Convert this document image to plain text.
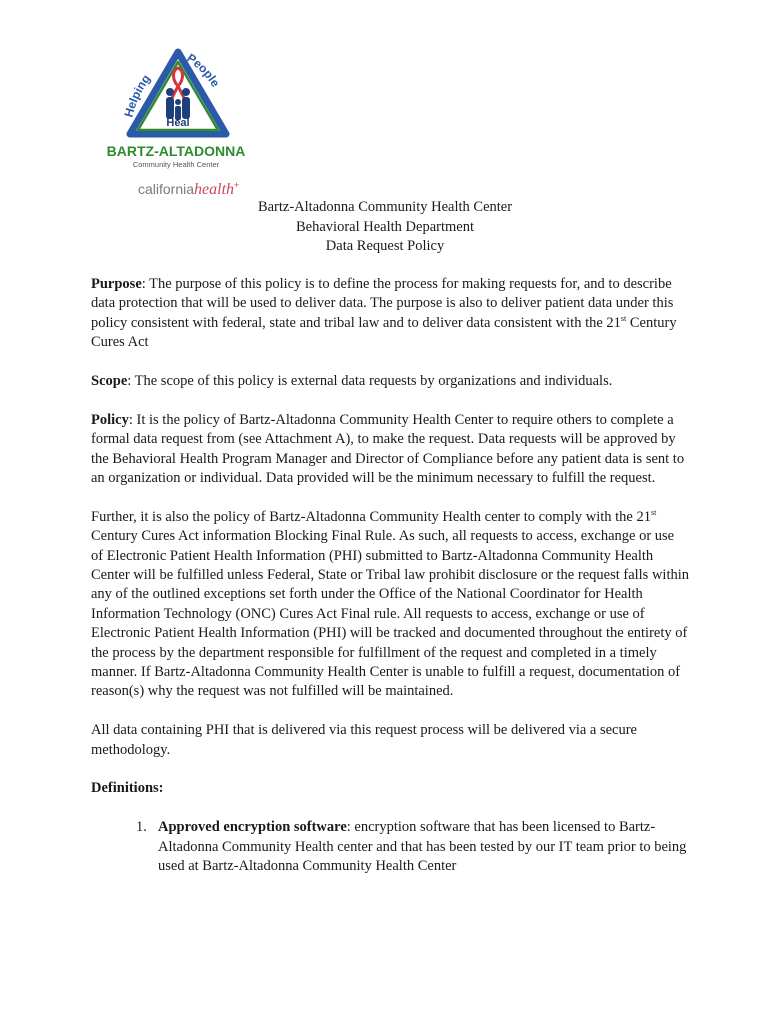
Helping
People
Heal
BARTZ-ALTADONNA
Community Health Center
californiahealth+
Bartz-Altadonna Community Health Center
Behavioral Health Department
Data Request Policy

Purpose: The purpose of this policy is to define the process for making requests for, and to describe data protection that will be used to deliver data. The purpose is also to deliver patient data under this policy consistent with federal, state and tribal law and to deliver data consistent with the 21st Century Cures Act

Scope: The scope of this policy is external data requests by organizations and individuals.

Policy: It is the policy of Bartz-Altadonna Community Health Center to require others to complete a formal data request from (see Attachment A), to make the request. Data requests will be approved by the Behavioral Health Program Manager and Director of Compliance before any patient data is sent to an organization or individual. Data provided will be the minimum necessary to fulfill the request.

Further, it is also the policy of Bartz-Altadonna Community Health center to comply with the 21st Century Cures Act information Blocking Final Rule. As such, all requests to access, exchange or use of Electronic Patient Health Information (PHI) submitted to Bartz-Altadonna Community Health Center will be fulfilled unless Federal, State or Tribal law prohibit disclosure or the request falls within any of the outlined exceptions set forth under the Office of the National Coordinator for Health Information Technology (ONC) Cures Act Final rule. All requests to access, exchange or use of Electronic Patient Health Information (PHI) will be tracked and documented throughout the entirety of the process by the department responsible for fulfillment of the request and completed in a timely manner. If Bartz-Altadonna Community Health Center is unable to fulfill a request, documentation of reason(s) why the request was not fulfilled will be maintained.

All data containing PHI that is delivered via this request process will be delivered via a secure methodology.

Definitions:

1. Approved encryption software: encryption software that has been licensed to Bartz-Altadonna Community Health center and that has been tested by our IT team prior to being used at Bartz-Altadonna Community Health Center
